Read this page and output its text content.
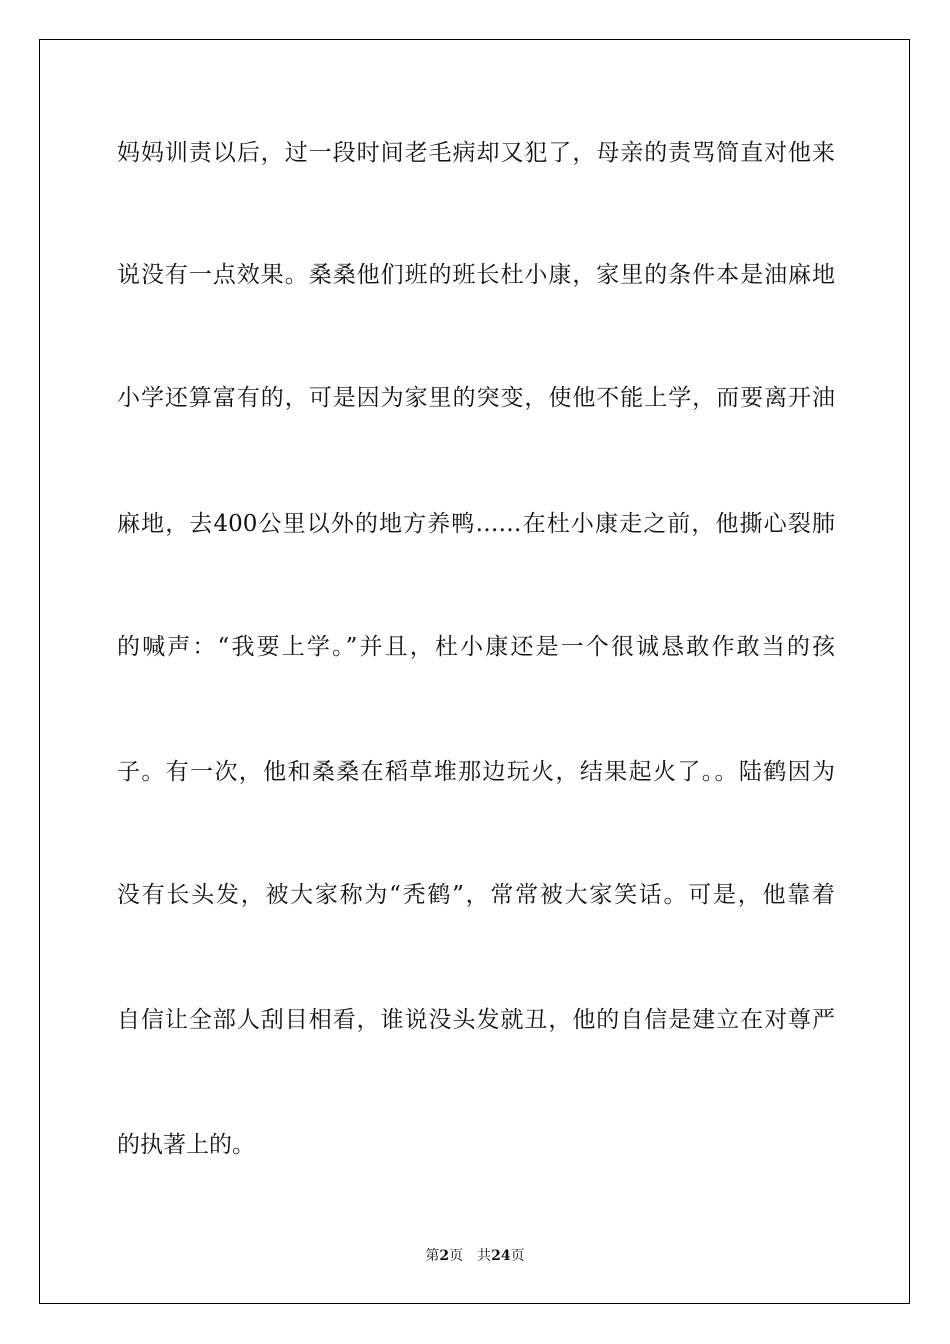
妈妈训责以后，过一段时间老毛病却又犯了，母亲的责骂简直对他来
说没有一点效果。桑桑他们班的班长杜小康，家里的条件本是油麻地
小学还算富有的，可是因为家里的突变，使他不能上学，而要离开油
麻地，去400公里以外的地方养鸭……在杜小康走之前，他撕心裂肺
的喊声：“我要上学。”并且，杜小康还是一个很诚恳敢作敢当的孩
子。有一次，他和桑桑在稻草堆那边玩火，结果起火了。。陆鹤因为
没有长头发，被大家称为“秃鹤”，常常被大家笑话。可是，他靠着
自信让全部人刮目相看，谁说没头发就丑，他的自信是建立在对尊严
的执著上的。
第2页 共24页
